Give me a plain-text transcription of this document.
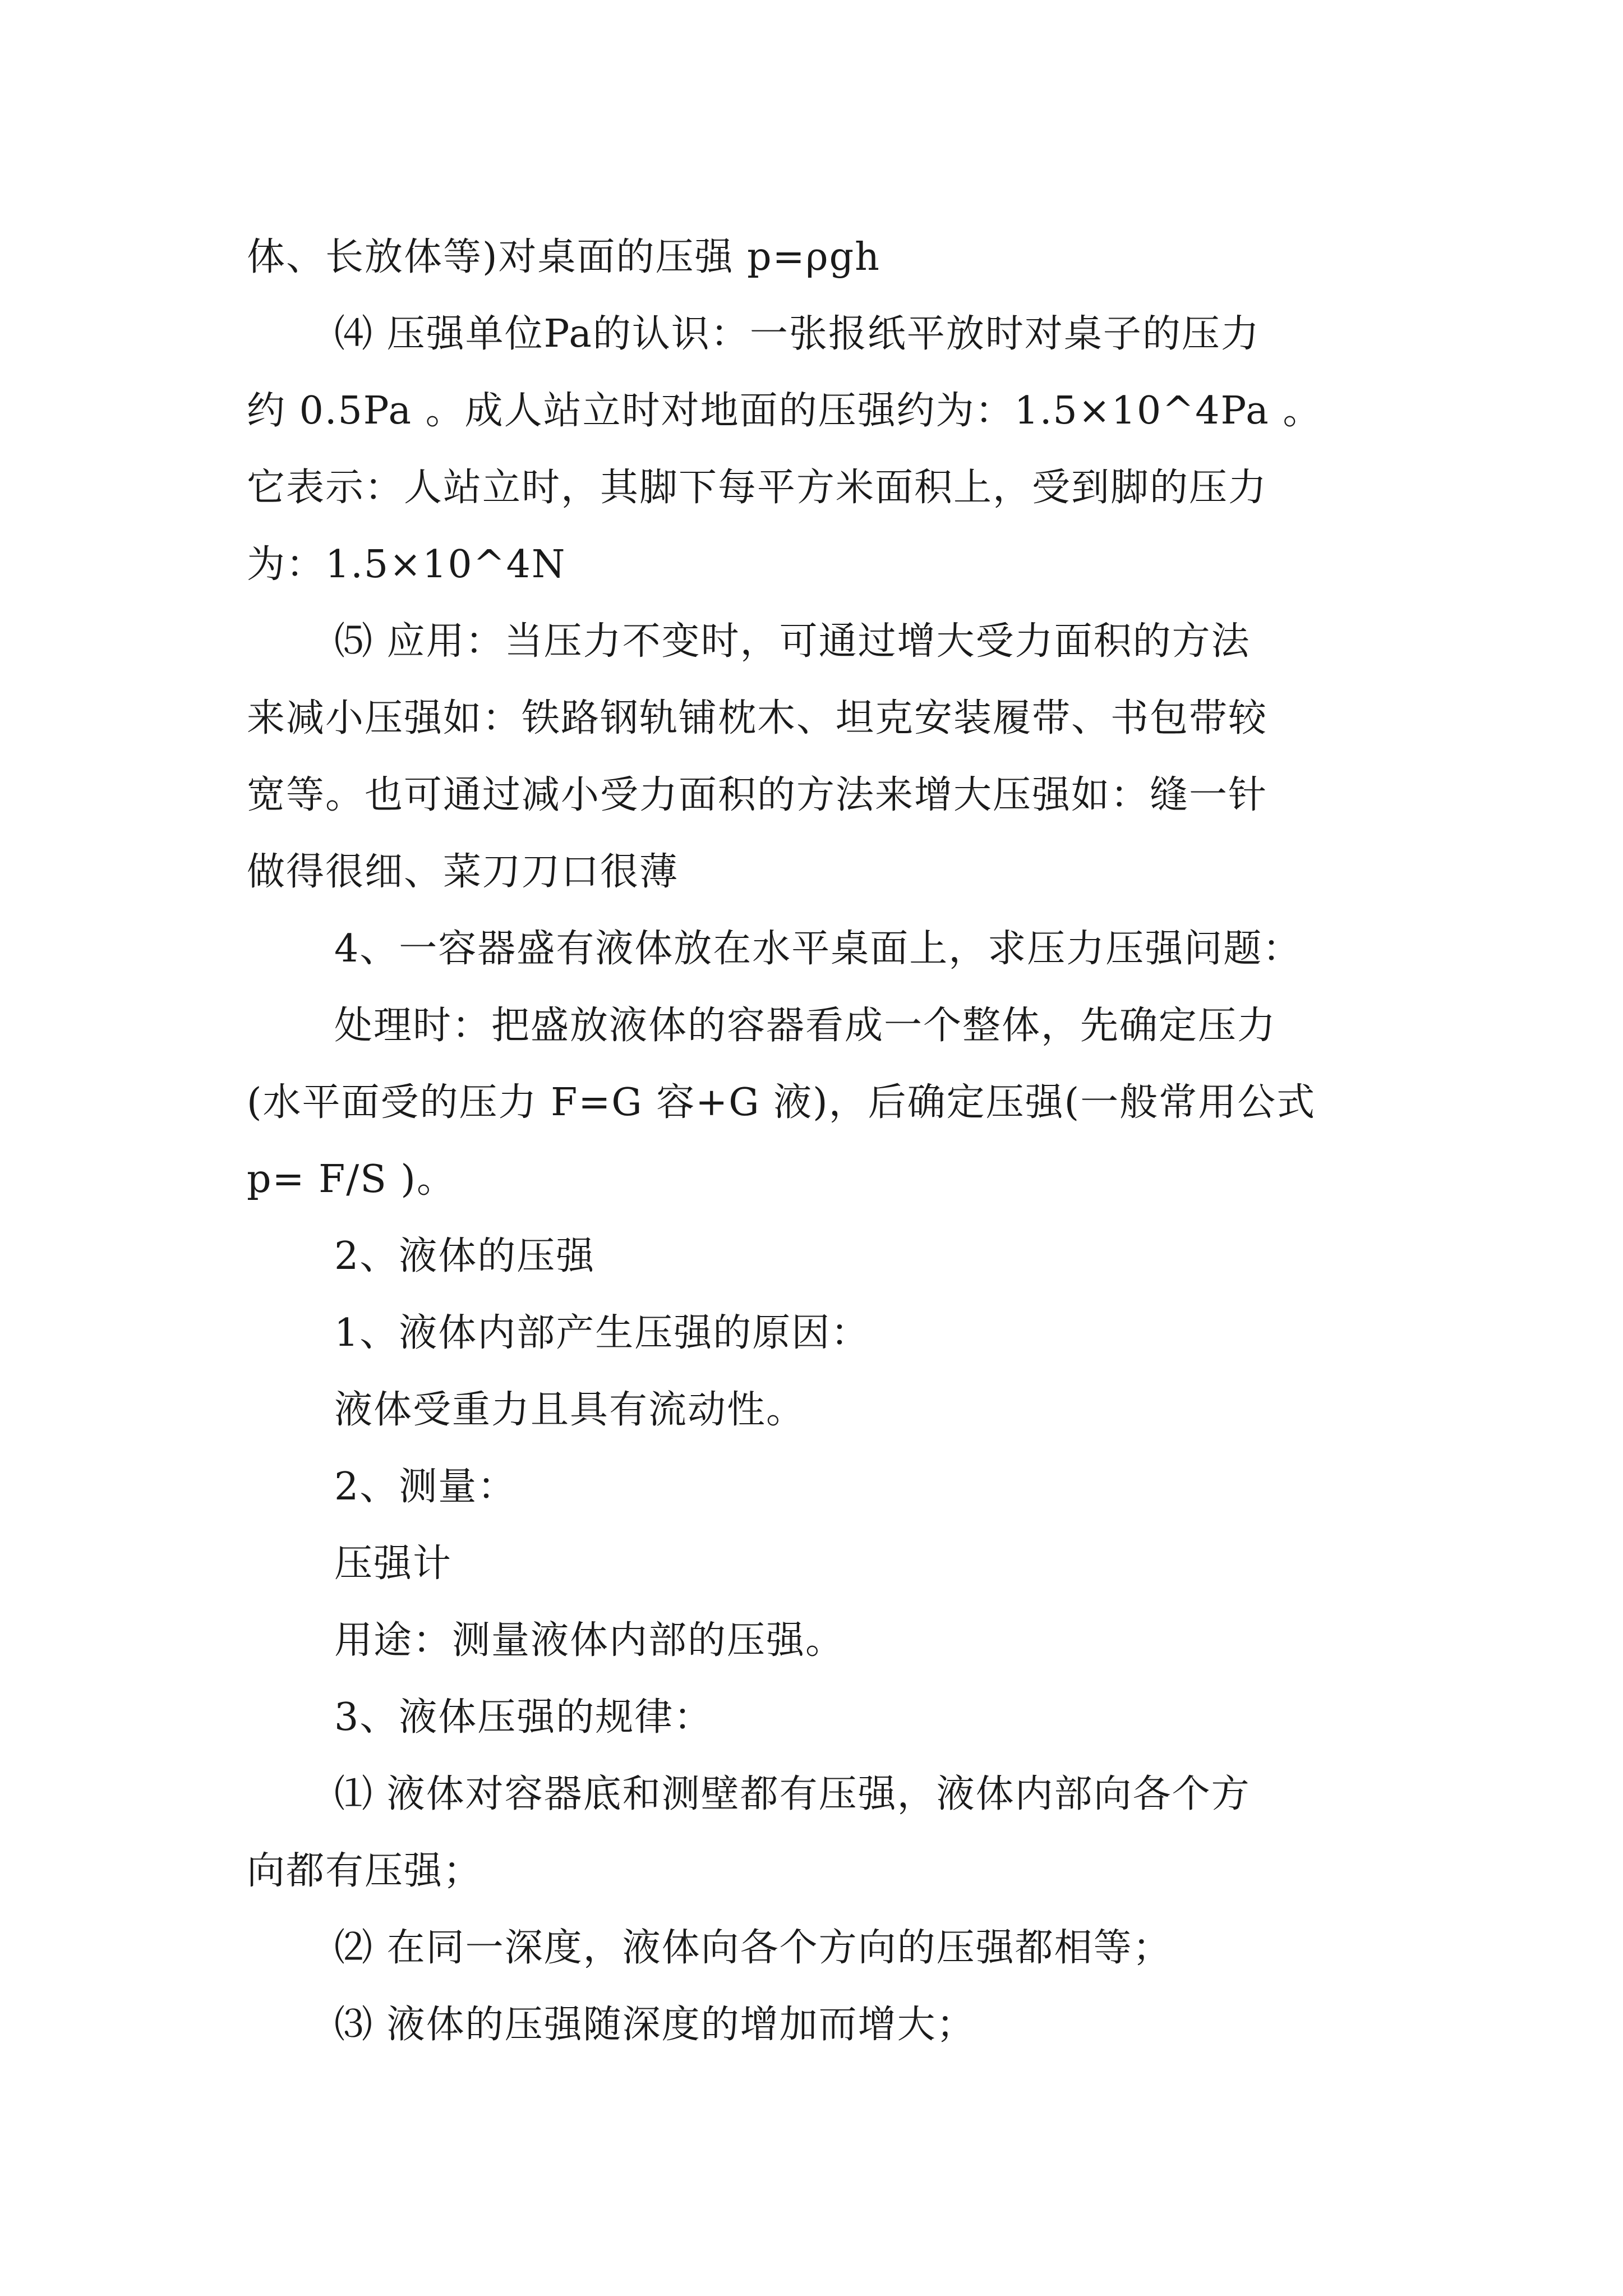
体、长放体等)对桌面的压强 p=ρgh
⑷ 压强单位Pa的认识：一张报纸平放时对桌子的压力
约 0.5Pa 。成人站立时对地面的压强约为：1.5×10^4Pa 。
它表示：人站立时，其脚下每平方米面积上，受到脚的压力
为：1.5×10^4N
⑸ 应用：当压力不变时，可通过增大受力面积的方法
来减小压强如：铁路钢轨铺枕木、坦克安装履带、书包带较
宽等。也可通过减小受力面积的方法来增大压强如：缝一针
做得很细、菜刀刀口很薄
4、一容器盛有液体放在水平桌面上，求压力压强问题：
处理时：把盛放液体的容器看成一个整体，先确定压力
(水平面受的压力 F=G 容+G 液)，后确定压强(一般常用公式
p= F/S )。
2、液体的压强
1、液体内部产生压强的原因：
液体受重力且具有流动性。
2、测量：
压强计
用途：测量液体内部的压强。
3、液体压强的规律：
⑴ 液体对容器底和测壁都有压强，液体内部向各个方
向都有压强；
⑵ 在同一深度，液体向各个方向的压强都相等；
⑶ 液体的压强随深度的增加而增大；
